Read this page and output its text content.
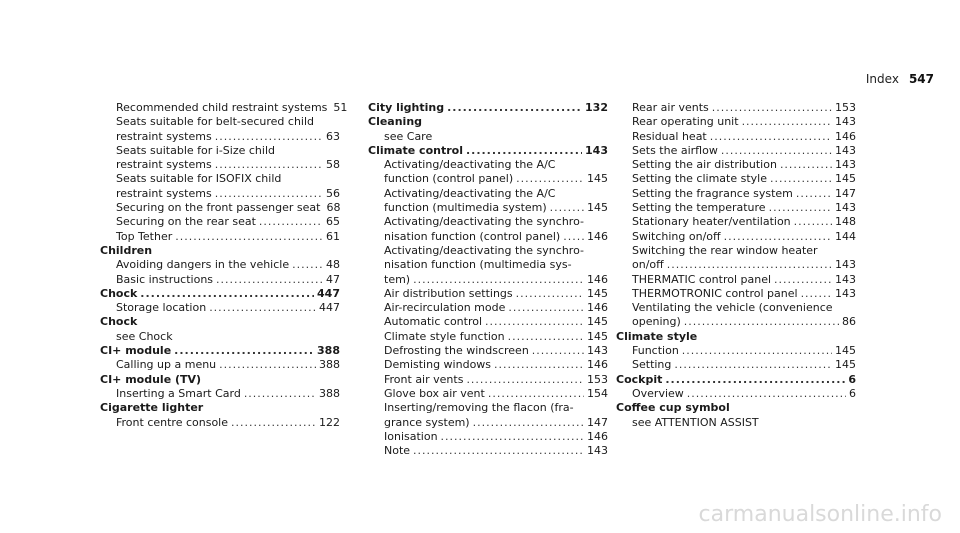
Index 547
Recommended child restraint systems 51
Seats suitable for belt-secured child
restraint systems .....	63
Seats suitable for i-Size child
restraint systems .....	58
Seats suitable for ISOFIX child
restraint systems .....	56
Securing on the front passenger seat 68
Securing on the rear seat .....	65
Top Tether .....	61
Children
Avoiding dangers in the vehicle .....	48
Basic instructions .....	47
Chock .....	447
Storage location .....	447
Chock
see Chock
CI+ module .....	388
Calling up a menu .....	388
CI+ module (TV)
Inserting a Smart Card .....	388
Cigarette lighter
Front centre console .....	122
City lighting .....	132
Cleaning
see Care
Climate control .....	143
Activating/deactivating the A/C
function (control panel) .....	145
Activating/deactivating the A/C
function (multimedia system) .....	145
Activating/deactivating the synchro-
nisation function (control panel) ..... 146
Activating/deactivating the synchro-
nisation function (multimedia sys-
tem) .....	146
Air distribution settings .....	145
Air-recirculation mode .....	146
Automatic control .....	145
Climate style function .....	145
Defrosting the windscreen .....	143
Demisting windows .....	146
Front air vents .....	153
Glove box air vent .....	154
Inserting/removing the flacon (fra-
grance system) .....	147
Ionisation .....	146
Note .....	143
Rear air vents .....	153
Rear operating unit .....	143
Residual heat .....	146
Sets the airflow .....	143
Setting the air distribution .....	143
Setting the climate style .....	145
Setting the fragrance system .....	147
Setting the temperature .....	143
Stationary heater/ventilation .....	148
Switching on/off .....	144
Switching the rear window heater
on/off .....	143
THERMATIC control panel .....	143
THERMOTRONIC control panel .....	143
Ventilating the vehicle (convenience
opening) .....	86
Climate style
Function .....	145
Setting .....	145
Cockpit .....	6
Overview .....	6
Coffee cup symbol
see ATTENTION ASSIST
carmanualsonline.info
